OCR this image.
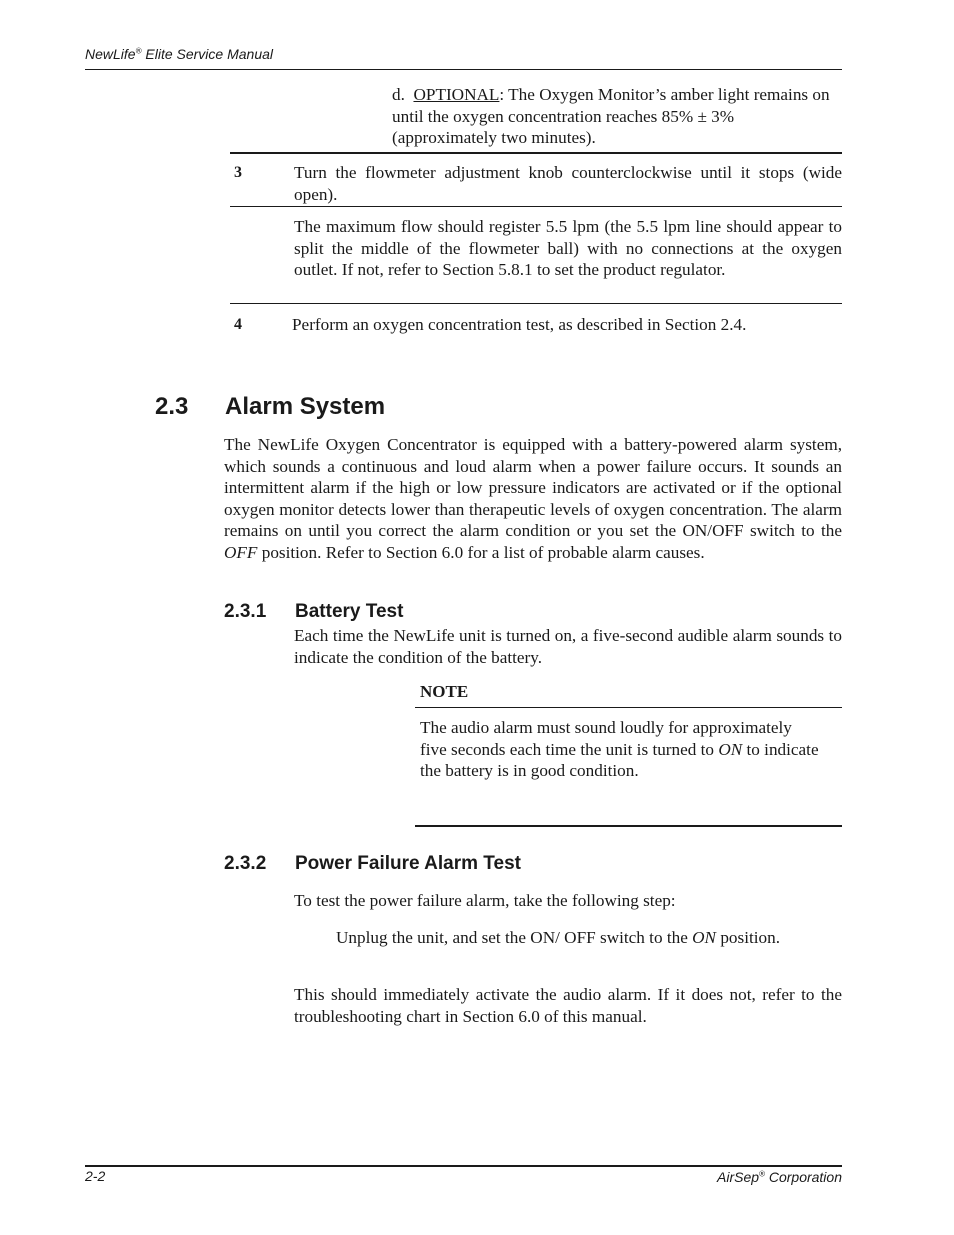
NewLife® Elite Service Manual
d. OPTIONAL: The Oxygen Monitor’s amber light remains on until the oxygen concentration reaches 85% ± 3% (approximately two minutes).
3	Turn the flowmeter adjustment knob counterclockwise until it stops (wide open).
The maximum flow should register 5.5 lpm (the 5.5 lpm line should appear to split the middle of the flowmeter ball) with no connections at the oxygen outlet. If not, refer to Section 5.8.1 to set the product regulator.
4	Perform an oxygen concentration test, as described in Section 2.4.
2.3 Alarm System
The NewLife Oxygen Concentrator is equipped with a battery-powered alarm system, which sounds a continuous and loud alarm when a power failure occurs. It sounds an intermittent alarm if the high or low pressure indicators are activated or if the optional oxygen monitor detects lower than therapeutic levels of oxygen concentration. The alarm remains on until you correct the alarm condition or you set the ON/OFF switch to the OFF position. Refer to Section 6.0 for a list of probable alarm causes.
2.3.1 Battery Test
Each time the NewLife unit is turned on, a five-second audible alarm sounds to indicate the condition of the battery.
NOTE
The audio alarm must sound loudly for approximately five seconds each time the unit is turned to ON to indicate the battery is in good condition.
2.3.2 Power Failure Alarm Test
To test the power failure alarm, take the following step:
Unplug the unit, and set the ON/ OFF switch to the ON position.
This should immediately activate the audio alarm. If it does not, refer to the troubleshooting chart in Section 6.0 of this manual.
2-2	AirSep® Corporation
